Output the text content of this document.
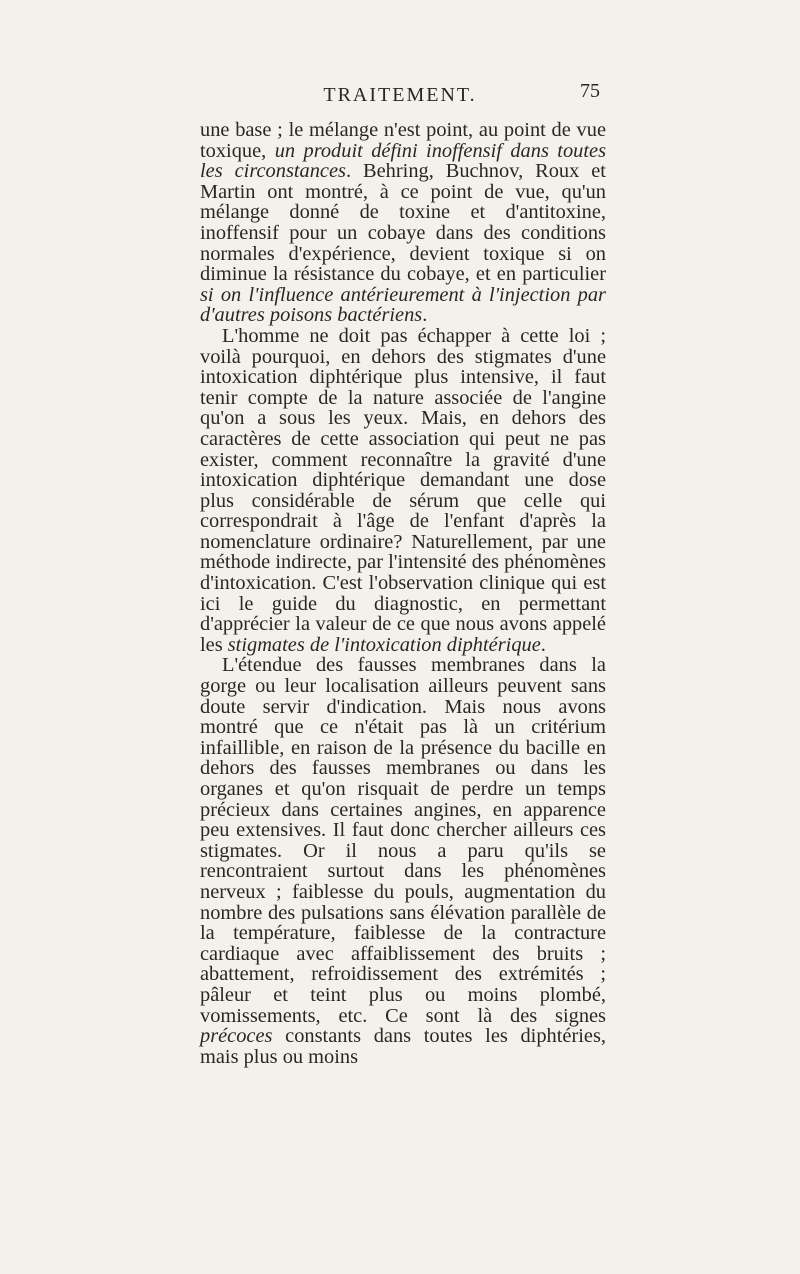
TRAITEMENT.	75

une base ; le mélange n'est point, au point de vue toxique, un produit défini inoffensif dans toutes les circonstances. Behring, Buchnov, Roux et Martin ont montré, à ce point de vue, qu'un mélange donné de toxine et d'antitoxine, inoffensif pour un cobaye dans des conditions normales d'expérience, devient toxique si on diminue la résistance du cobaye, et en particulier si on l'influence antérieurement à l'injection par d'autres poisons bactériens.

L'homme ne doit pas échapper à cette loi ; voilà pourquoi, en dehors des stigmates d'une intoxication diphtérique plus intensive, il faut tenir compte de la nature associée de l'angine qu'on a sous les yeux. Mais, en dehors des caractères de cette association qui peut ne pas exister, comment reconnaître la gravité d'une intoxication diphtérique demandant une dose plus considérable de sérum que celle qui correspondrait à l'âge de l'enfant d'après la nomenclature ordinaire? Naturellement, par une méthode indirecte, par l'intensité des phénomènes d'intoxication. C'est l'observation clinique qui est ici le guide du diagnostic, en permettant d'apprécier la valeur de ce que nous avons appelé les stigmates de l'intoxication diphtérique.

L'étendue des fausses membranes dans la gorge ou leur localisation ailleurs peuvent sans doute servir d'indication. Mais nous avons montré que ce n'était pas là un critérium infaillible, en raison de la présence du bacille en dehors des fausses membranes ou dans les organes et qu'on risquait de perdre un temps précieux dans certaines angines, en apparence peu extensives. Il faut donc chercher ailleurs ces stigmates. Or il nous a paru qu'ils se rencontraient surtout dans les phénomènes nerveux ; faiblesse du pouls, augmentation du nombre des pulsations sans élévation parallèle de la température, faiblesse de la contracture cardiaque avec affaiblissement des bruits ; abattement, refroidissement des extrémités ; pâleur et teint plus ou moins plombé, vomissements, etc. Ce sont là des signes précoces constants dans toutes les diphtéries, mais plus ou moins
